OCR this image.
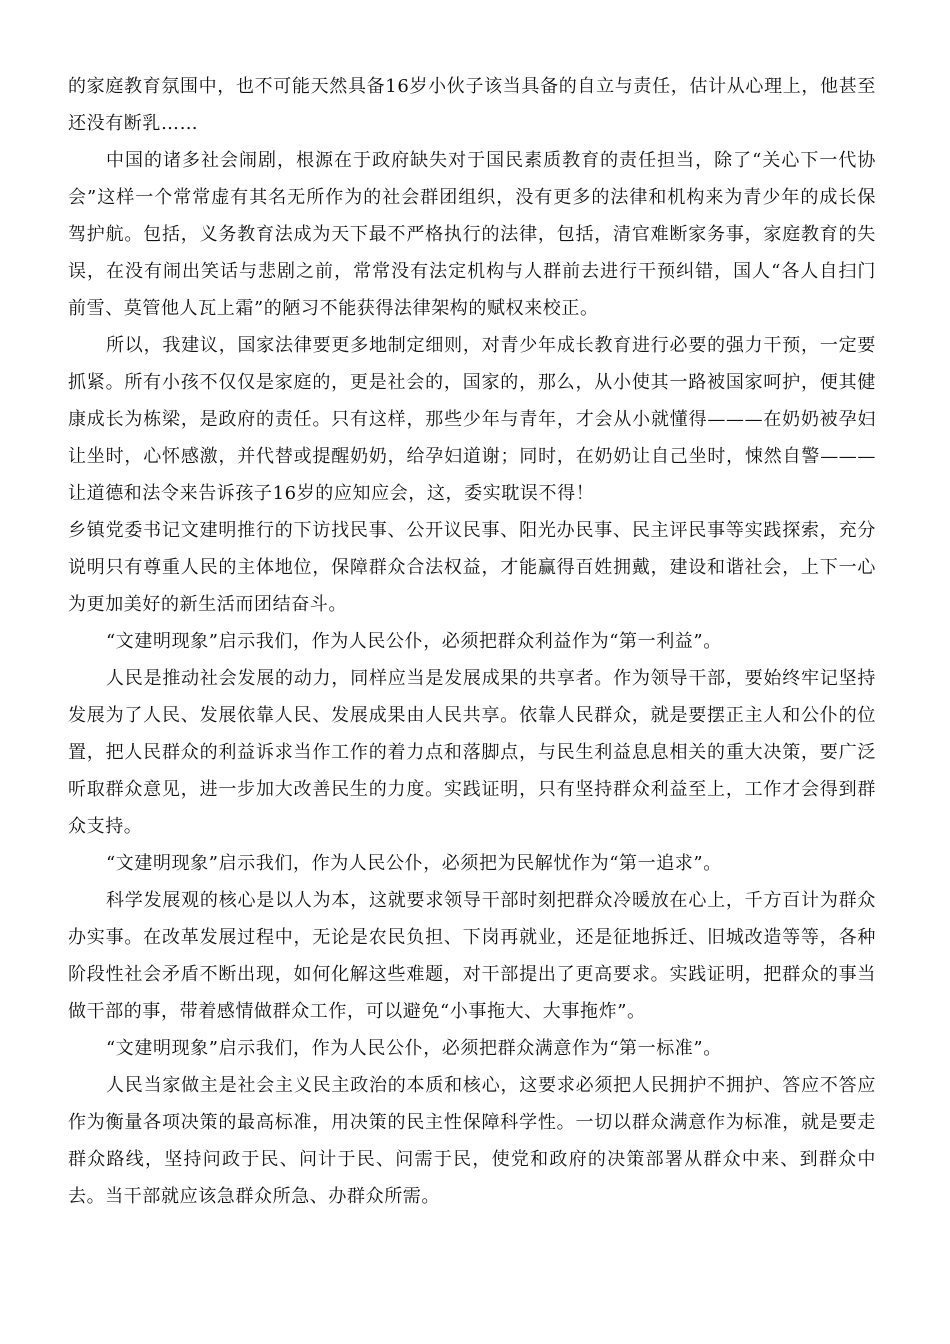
的家庭教育氛围中，也不可能天然具备16岁小伙子该当具备的自立与责任，估计从心理上，他甚至还没有断乳……

中国的诸多社会闹剧，根源在于政府缺失对于国民素质教育的责任担当，除了“关心下一代协会”这样一个常常虚有其名无所作为的社会群团组织，没有更多的法律和机构来为青少年的成长保驾护航。包括，义务教育法成为天下最不严格执行的法律，包括，清官难断家务事，家庭教育的失误，在没有闹出笑话与悲剧之前，常常没有法定机构与人群前去进行干预纠错，国人“各人自扫门前雪、莫管他人瓦上霜”的陋习不能获得法律架构的赋权来校正。

所以，我建议，国家法律要更多地制定细则，对青少年成长教育进行必要的强力干预，一定要抓紧。所有小孩不仅仅是家庭的，更是社会的，国家的，那么，从小使其一路被国家呵护，便其健康成长为栋梁，是政府的责任。只有这样，那些少年与青年，才会从小就懂得———在奶奶被孕妇让坐时，心怀感激，并代替或提醒奶奶，给孕妇道谢；同时，在奶奶让自己坐时，悚然自警———让道德和法令来告诉孩子16岁的应知应会，这，委实耽误不得！

乡镇党委书记文建明推行的下访找民事、公开议民事、阳光办民事、民主评民事等实践探索，充分说明只有尊重人民的主体地位，保障群众合法权益，才能赢得百姓拥戴，建设和谐社会，上下一心为更加美好的新生活而团结奋斗。

“文建明现象”启示我们，作为人民公仆，必须把群众利益作为“第一利益”。

人民是推动社会发展的动力，同样应当是发展成果的共享者。作为领导干部，要始终牢记坚持发展为了人民、发展依靠人民、发展成果由人民共享。依靠人民群众，就是要摆正主人和公仆的位置，把人民群众的利益诉求当作工作的着力点和落脚点，与民生利益息息相关的重大决策，要广泛听取群众意见，进一步加大改善民生的力度。实践证明，只有坚持群众利益至上，工作才会得到群众支持。

“文建明现象”启示我们，作为人民公仆，必须把为民解忧作为“第一追求”。

科学发展观的核心是以人为本，这就要求领导干部时刻把群众冷暖放在心上，千方百计为群众办实事。在改革发展过程中，无论是农民负担、下岗再就业，还是征地拆迁、旧城改造等等，各种阶段性社会矛盾不断出现，如何化解这些难题，对干部提出了更高要求。实践证明，把群众的事当做干部的事，带着感情做群众工作，可以避免“小事拖大、大事拖炸”。

“文建明现象”启示我们，作为人民公仆，必须把群众满意作为“第一标准”。

人民当家做主是社会主义民主政治的本质和核心，这要求必须把人民拥护不拥护、答应不答应作为衡量各项决策的最高标准，用决策的民主性保障科学性。一切以群众满意作为标准，就是要走群众路线，坚持问政于民、问计于民、问需于民，使党和政府的决策部署从群众中来、到群众中去。当干部就应该急群众所急、办群众所需。
